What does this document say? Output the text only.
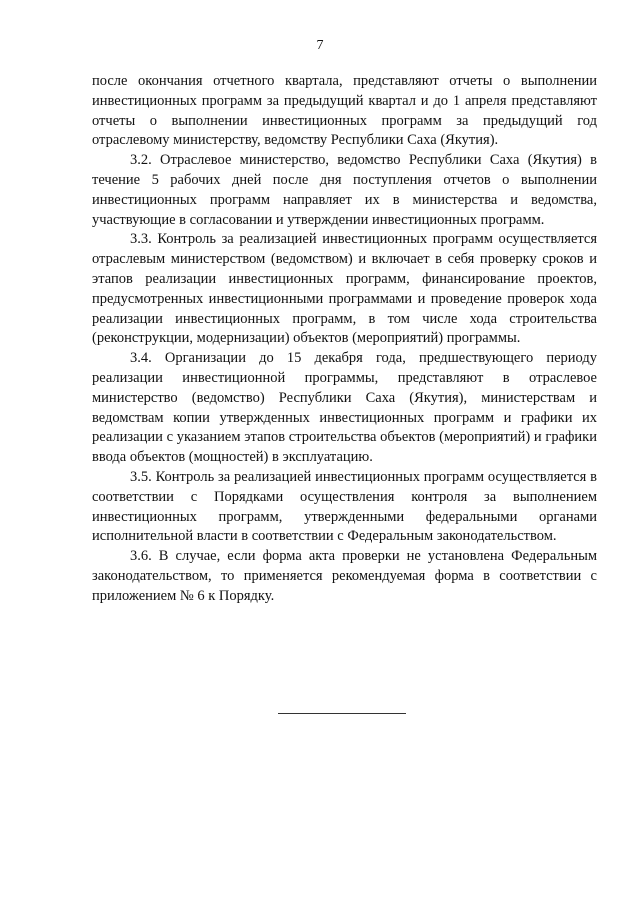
7

после окончания отчетного квартала, представляют отчеты о выполнении инвестиционных программ за предыдущий квартал и до 1 апреля представляют отчеты о выполнении инвестиционных программ за предыдущий год отраслевому министерству, ведомству Республики Саха (Якутия).

3.2. Отраслевое министерство, ведомство Республики Саха (Якутия) в течение 5 рабочих дней после дня поступления отчетов о выполнении инвестиционных программ направляет их в министерства и ведомства, участвующие в согласовании и утверждении инвестиционных программ.

3.3. Контроль за реализацией инвестиционных программ осуществляется отраслевым министерством (ведомством) и включает в себя проверку сроков и этапов реализации инвестиционных программ, финансирование проектов, предусмотренных инвестиционными программами и проведение проверок хода реализации инвестиционных программ, в том числе хода строительства (реконструкции, модернизации) объектов (мероприятий) программы.

3.4. Организации до 15 декабря года, предшествующего периоду реализации инвестиционной программы, представляют в отраслевое министерство (ведомство) Республики Саха (Якутия), министерствам и ведомствам копии утвержденных инвестиционных программ и графики их реализации с указанием этапов строительства объектов (мероприятий) и графики ввода объектов (мощностей) в эксплуатацию.

3.5. Контроль за реализацией инвестиционных программ осуществляется в соответствии с Порядками осуществления контроля за выполнением инвестиционных программ, утвержденными федеральными органами исполнительной власти в соответствии с Федеральным законодательством.

3.6. В случае, если форма акта проверки не установлена Федеральным законодательством, то применяется рекомендуемая форма в соответствии с приложением № 6 к Порядку.
